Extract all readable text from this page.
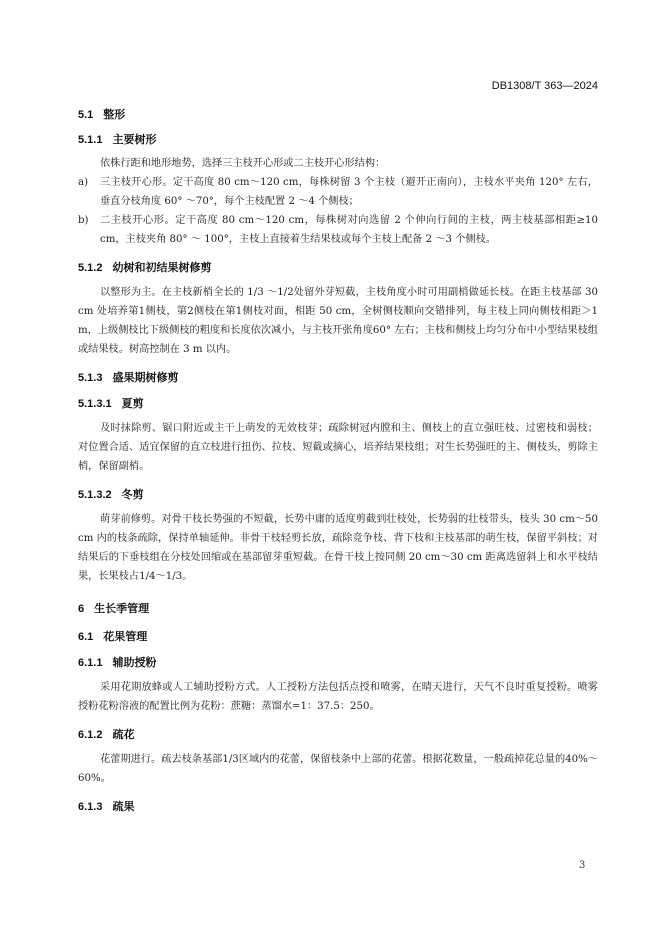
DB1308/T 363—2024

5.1 整形

5.1.1 主要树形

依株行距和地形地势，选择三主枝开心形或二主枝开心形结构：

a) 三主枝开心形。定干高度 80 cm～120 cm，每株树留 3 个主枝（避开正南向），主枝水平夹角 120° 左右，垂直分枝角度 60° ～70°，每个主枝配置 2 ～4 个侧枝；
b) 二主枝开心形。定干高度 80 cm～120 cm，每株树对向选留 2 个伸向行间的主枝，两主枝基部相距≥10 cm，主枝夹角 80° ～ 100°，主枝上直接着生结果枝或每个主枝上配备 2 ～3 个侧枝。

5.1.2 幼树和初结果树修剪

以整形为主。在主枝新梢全长的 1/3 ～1/2处留外芽短截，主枝角度小时可用副梢做延长枝。在距主枝基部 30 cm 处培养第1侧枝，第2侧枝在第1侧枝对面，相距 50 cm，全树侧枝顺向交错排列，每主枝上同向侧枝相距＞1 m，上级侧枝比下级侧枝的粗度和长度依次减小，与主枝开张角度60° 左右；主枝和侧枝上均匀分布中小型结果枝组或结果枝。树高控制在 3 m 以内。

5.1.3 盛果期树修剪

5.1.3.1 夏剪

及时抹除剪、锯口附近或主干上萌发的无效枝芽；疏除树冠内膛和主、侧枝上的直立强旺枝、过密枝和弱枝；对位置合适、适宜保留的直立枝进行扭伤、拉枝、短截或摘心，培养结果枝组；对生长势强旺的主、侧枝头，剪除主梢，保留副梢。

5.1.3.2 冬剪

萌芽前修剪。对骨干枝长势强的不短截，长势中庸的适度剪截到壮枝处，长势弱的壮枝带头，枝头 30 cm～50 cm 内的枝条疏除，保持单轴延伸。非骨干枝轻剪长放，疏除竞争枝、背下枝和主枝基部的萌生枝，保留平斜枝；对结果后的下垂枝组在分枝处回缩或在基部留芽重短截。在骨干枝上按同侧 20 cm～30 cm 距离选留斜上和水平枝结果，长果枝占1/4～1/3。

6 生长季管理

6.1 花果管理

6.1.1 辅助授粉

采用花期放蜂或人工辅助授粉方式。人工授粉方法包括点授和喷雾，在晴天进行，天气不良时重复授粉。喷雾授粉花粉溶液的配置比例为花粉：蔗糖：蒸馏水=1：37.5：250。

6.1.2 疏花

花蕾期进行。疏去枝条基部1/3区域内的花蕾，保留枝条中上部的花蕾。根据花数量，一般疏掉花总量的40%～60%。

6.1.3 疏果

3
